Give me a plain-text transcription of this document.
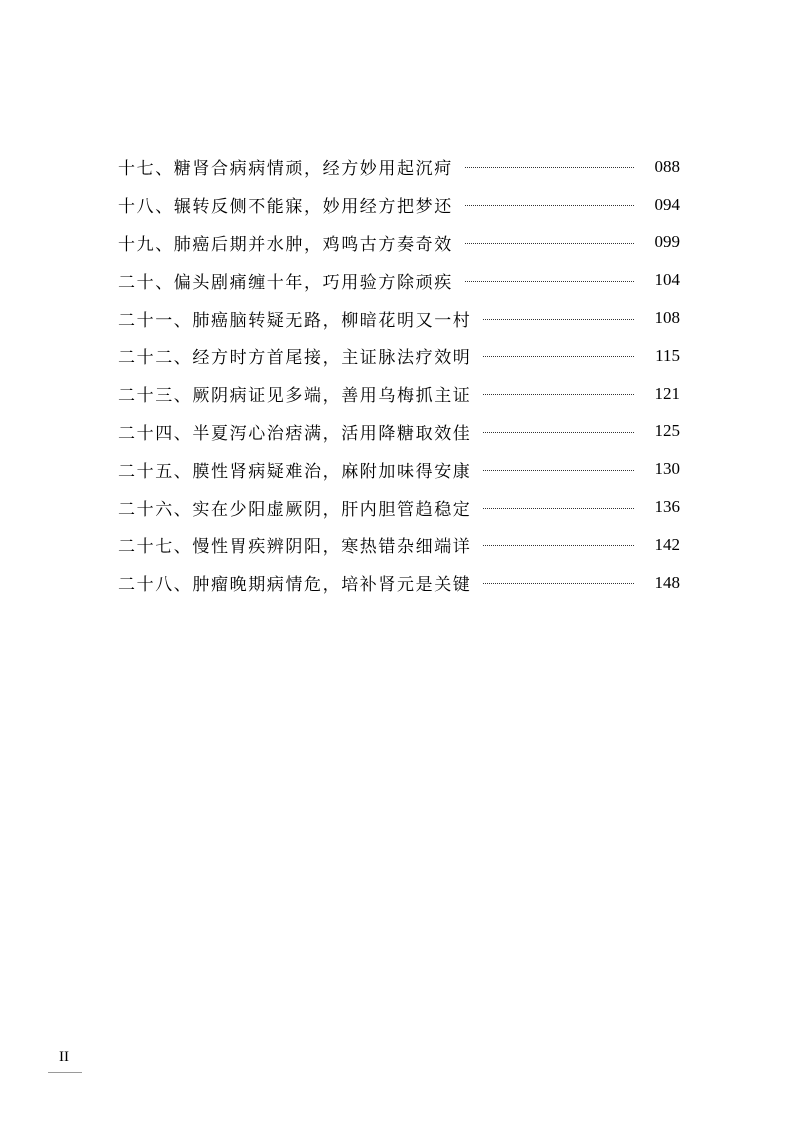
十七、糖肾合病病情顽，经方妙用起沉疴	088
十八、辗转反侧不能寐，妙用经方把梦还	094
十九、肺癌后期并水肿，鸡鸣古方奏奇效	099
二十、偏头剧痛缠十年，巧用验方除顽疾	104
二十一、肺癌脑转疑无路，柳暗花明又一村	108
二十二、经方时方首尾接，主证脉法疗效明	115
二十三、厥阴病证见多端，善用乌梅抓主证	121
二十四、半夏泻心治痞满，活用降糖取效佳	125
二十五、膜性肾病疑难治，麻附加味得安康	130
二十六、实在少阳虚厥阴，肝内胆管趋稳定	136
二十七、慢性胃疾辨阴阳，寒热错杂细端详	142
二十八、肿瘤晚期病情危，培补肾元是关键	148
II
